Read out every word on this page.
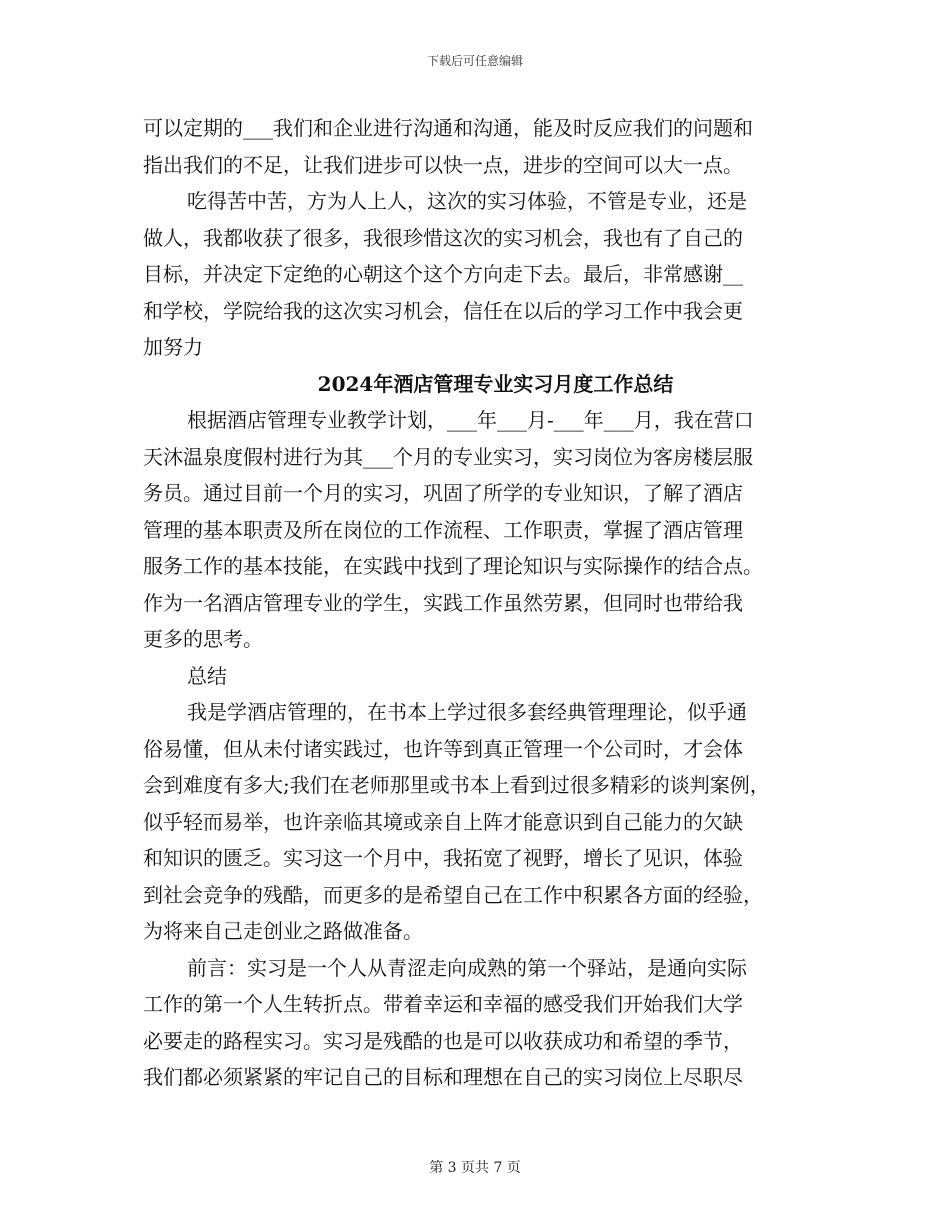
下载后可任意编辑
可以定期的___我们和企业进行沟通和沟通，能及时反应我们的问题和
指出我们的不足，让我们进步可以快一点，进步的空间可以大一点。
吃得苦中苦，方为人上人，这次的实习体验，不管是专业，还是
做人，我都收获了很多，我很珍惜这次的实习机会，我也有了自己的
目标，并决定下定绝的心朝这个这个方向走下去。最后，非常感谢__
和学校，学院给我的这次实习机会，信任在以后的学习工作中我会更
加努力
2024年酒店管理专业实习月度工作总结
根据酒店管理专业教学计划，___年___月-___年___月，我在营口
天沐温泉度假村进行为其___个月的专业实习，实习岗位为客房楼层服
务员。通过目前一个月的实习，巩固了所学的专业知识，了解了酒店
管理的基本职责及所在岗位的工作流程、工作职责，掌握了酒店管理
服务工作的基本技能，在实践中找到了理论知识与实际操作的结合点。
作为一名酒店管理专业的学生，实践工作虽然劳累，但同时也带给我
更多的思考。
总结
我是学酒店管理的，在书本上学过很多套经典管理理论，似乎通
俗易懂，但从未付诸实践过，也许等到真正管理一个公司时，才会体
会到难度有多大;我们在老师那里或书本上看到过很多精彩的谈判案例，
似乎轻而易举，也许亲临其境或亲自上阵才能意识到自己能力的欠缺
和知识的匮乏。实习这一个月中，我拓宽了视野，增长了见识，体验
到社会竞争的残酷，而更多的是希望自己在工作中积累各方面的经验，
为将来自己走创业之路做准备。
前言：实习是一个人从青涩走向成熟的第一个驿站，是通向实际
工作的第一个人生转折点。带着幸运和幸福的感受我们开始我们大学
必要走的路程实习。实习是残酷的也是可以收获成功和希望的季节，
我们都必须紧紧的牢记自己的目标和理想在自己的实习岗位上尽职尽
第 3 页共 7 页
